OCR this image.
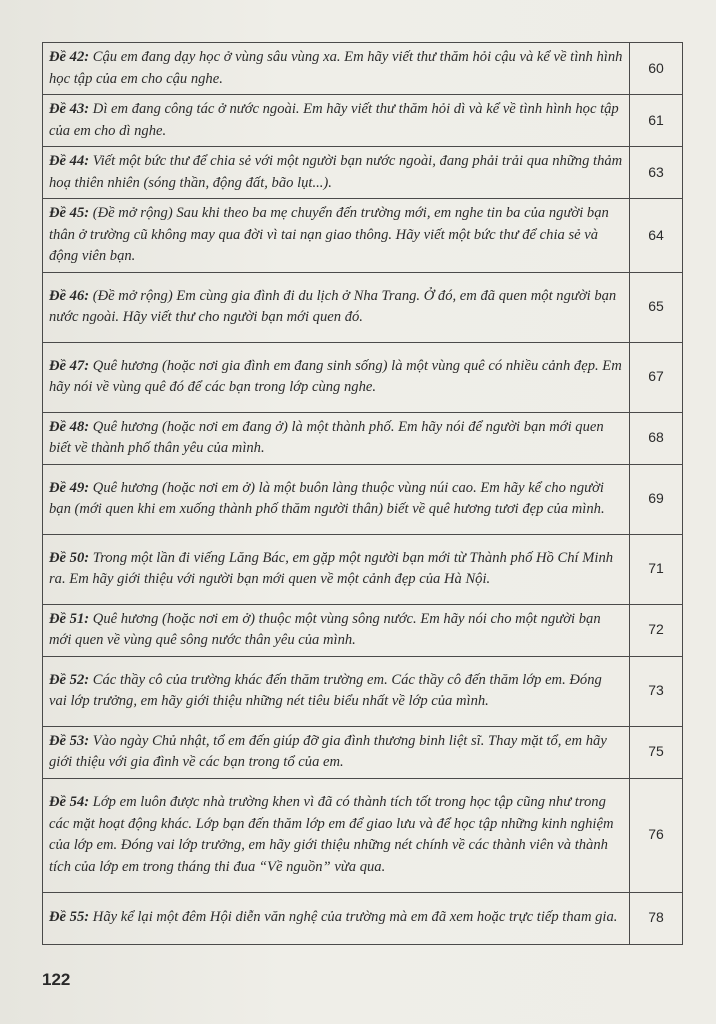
Đề 42: Cậu em đang dạy học ở vùng sâu vùng xa. Em hãy viết thư thăm hỏi cậu và kể về tình hình học tập của em cho cậu nghe.	60
Đề 43: Dì em đang công tác ở nước ngoài. Em hãy viết thư thăm hỏi dì và kể về tình hình học tập của em cho dì nghe.	61
Đề 44: Viết một bức thư để chia sẻ với một người bạn nước ngoài, đang phải trải qua những thảm hoạ thiên nhiên (sóng thần, động đất, bão lụt...).	63
Đề 45: (Đề mở rộng) Sau khi theo ba mẹ chuyển đến trường mới, em nghe tin ba của người bạn thân ở trường cũ không may qua đời vì tai nạn giao thông. Hãy viết một bức thư để chia sẻ và động viên bạn.	64
Đề 46: (Đề mở rộng) Em cùng gia đình đi du lịch ở Nha Trang. Ở đó, em đã quen một người bạn nước ngoài. Hãy viết thư cho người bạn mới quen đó.	65
Đề 47: Quê hương (hoặc nơi gia đình em đang sinh sống) là một vùng quê có nhiều cảnh đẹp. Em hãy nói về vùng quê đó để các bạn trong lớp cùng nghe.	67
Đề 48: Quê hương (hoặc nơi em đang ở) là một thành phố. Em hãy nói để người bạn mới quen biết về thành phố thân yêu của mình.	68
Đề 49: Quê hương (hoặc nơi em ở) là một buôn làng thuộc vùng núi cao. Em hãy kể cho người bạn (mới quen khi em xuống thành phố thăm người thân) biết về quê hương tươi đẹp của mình.	69
Đề 50: Trong một lần đi viếng Lăng Bác, em gặp một người bạn mới từ Thành phố Hồ Chí Minh ra. Em hãy giới thiệu với người bạn mới quen về một cảnh đẹp của Hà Nội.	71
Đề 51: Quê hương (hoặc nơi em ở) thuộc một vùng sông nước. Em hãy nói cho một người bạn mới quen về vùng quê sông nước thân yêu của mình.	72
Đề 52: Các thầy cô của trường khác đến thăm trường em. Các thầy cô đến thăm lớp em. Đóng vai lớp trưởng, em hãy giới thiệu những nét tiêu biểu nhất về lớp của mình.	73
Đề 53: Vào ngày Chủ nhật, tổ em đến giúp đỡ gia đình thương binh liệt sĩ. Thay mặt tổ, em hãy giới thiệu với gia đình về các bạn trong tổ của em.	75
Đề 54: Lớp em luôn được nhà trường khen vì đã có thành tích tốt trong học tập cũng như trong các mặt hoạt động khác. Lớp bạn đến thăm lớp em để giao lưu và để học tập những kinh nghiệm của lớp em. Đóng vai lớp trưởng, em hãy giới thiệu những nét chính về các thành viên và thành tích của lớp em trong tháng thi đua “Về nguồn” vừa qua.	76
Đề 55: Hãy kể lại một đêm Hội diễn văn nghệ của trường mà em đã xem hoặc trực tiếp tham gia.	78
122
